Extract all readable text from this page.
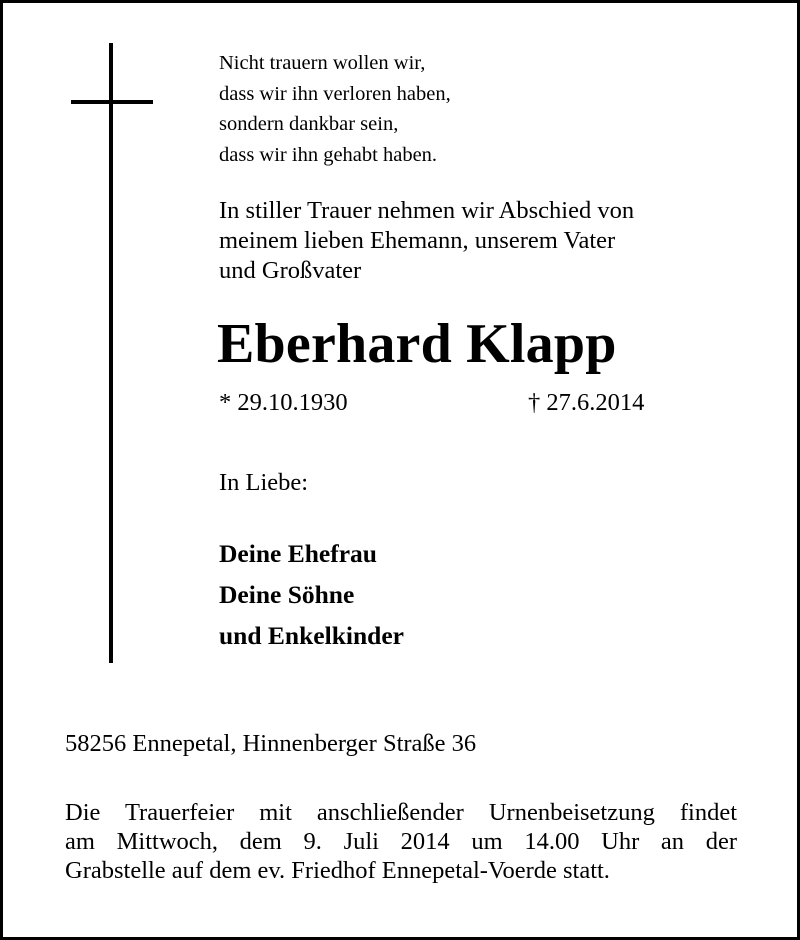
Nicht trauern wollen wir,
dass wir ihn verloren haben,
sondern dankbar sein,
dass wir ihn gehabt haben.
In stiller Trauer nehmen wir Abschied von
meinem lieben Ehemann, unserem Vater
und Großvater
Eberhard Klapp
* 29.10.1930	† 27.6.2014
In Liebe:
Deine Ehefrau
Deine Söhne
und Enkelkinder
58256 Ennepetal, Hinnenberger Straße 36
Die Trauerfeier mit anschließender Urnenbeisetzung findet
am Mittwoch, dem 9. Juli 2014 um 14.00 Uhr an der
Grabstelle auf dem ev. Friedhof Ennepetal-Voerde statt.
